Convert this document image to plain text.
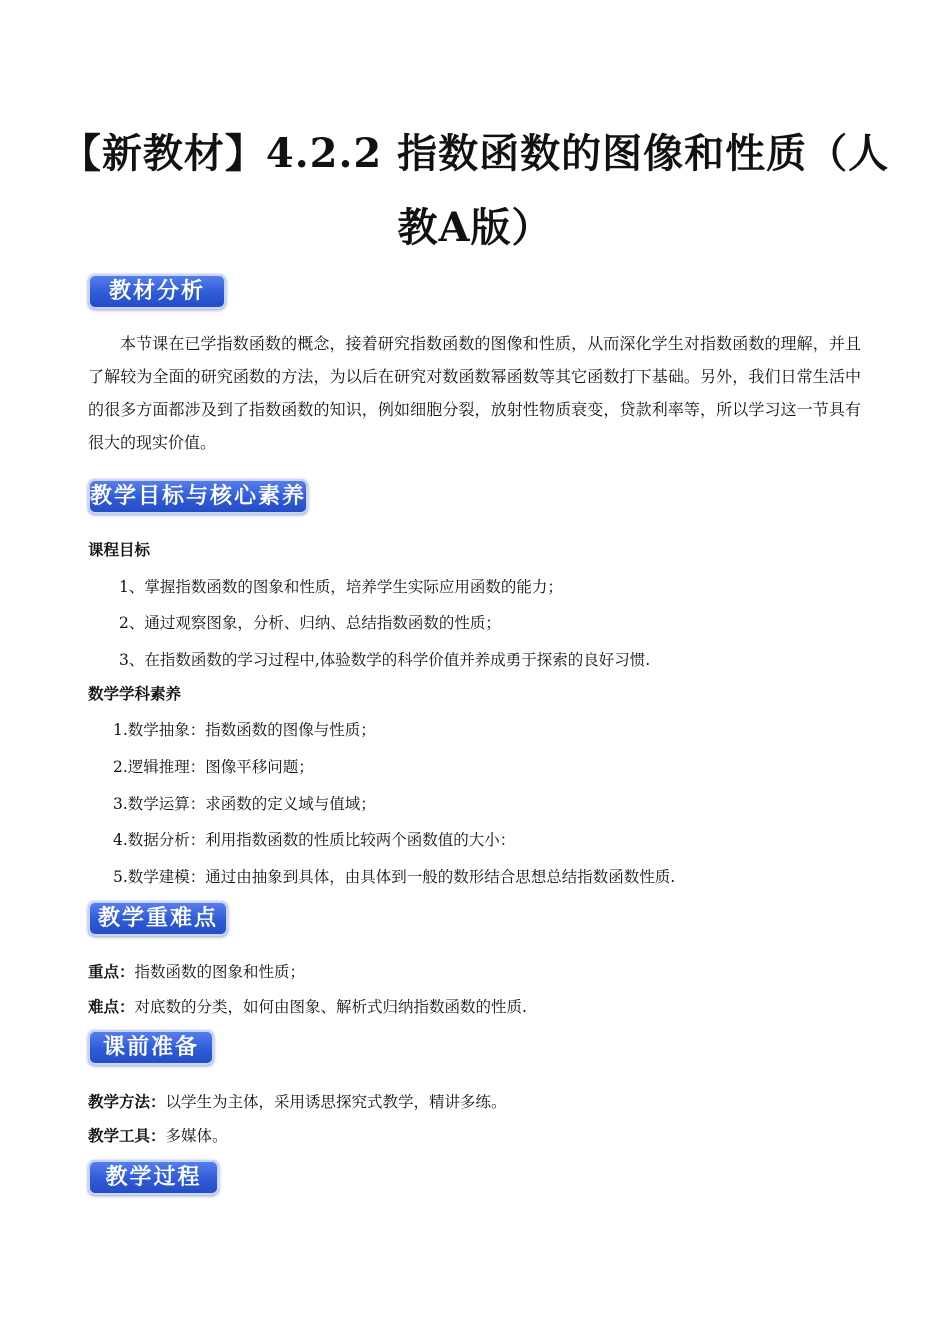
【新教材】4.2.2 指数函数的图像和性质（人
教A版）
教材分析

本节课在已学指数函数的概念，接着研究指数函数的图像和性质，从而深化学生对指数函数的理解，并且了解较为全面的研究函数的方法，为以后在研究对数函数幂函数等其它函数打下基础。另外，我们日常生活中的很多方面都涉及到了指数函数的知识，例如细胞分裂，放射性物质衰变，贷款利率等，所以学习这一节具有很大的现实价值。

教学目标与核心素养
课程目标
1、掌握指数函数的图象和性质，培养学生实际应用函数的能力；
2、通过观察图象，分析、归纳、总结指数函数的性质；
3、在指数函数的学习过程中,体验数学的科学价值并养成勇于探索的良好习惯.
数学学科素养
1.数学抽象：指数函数的图像与性质；
2.逻辑推理：图像平移问题；
3.数学运算：求函数的定义域与值域；
4.数据分析：利用指数函数的性质比较两个函数值的大小：
5.数学建模：通过由抽象到具体，由具体到一般的数形结合思想总结指数函数性质.
教学重难点
重点：指数函数的图象和性质；
难点：对底数的分类，如何由图象、解析式归纳指数函数的性质.
课前准备
教学方法：以学生为主体，采用诱思探究式教学，精讲多练。
教学工具：多媒体。
教学过程
